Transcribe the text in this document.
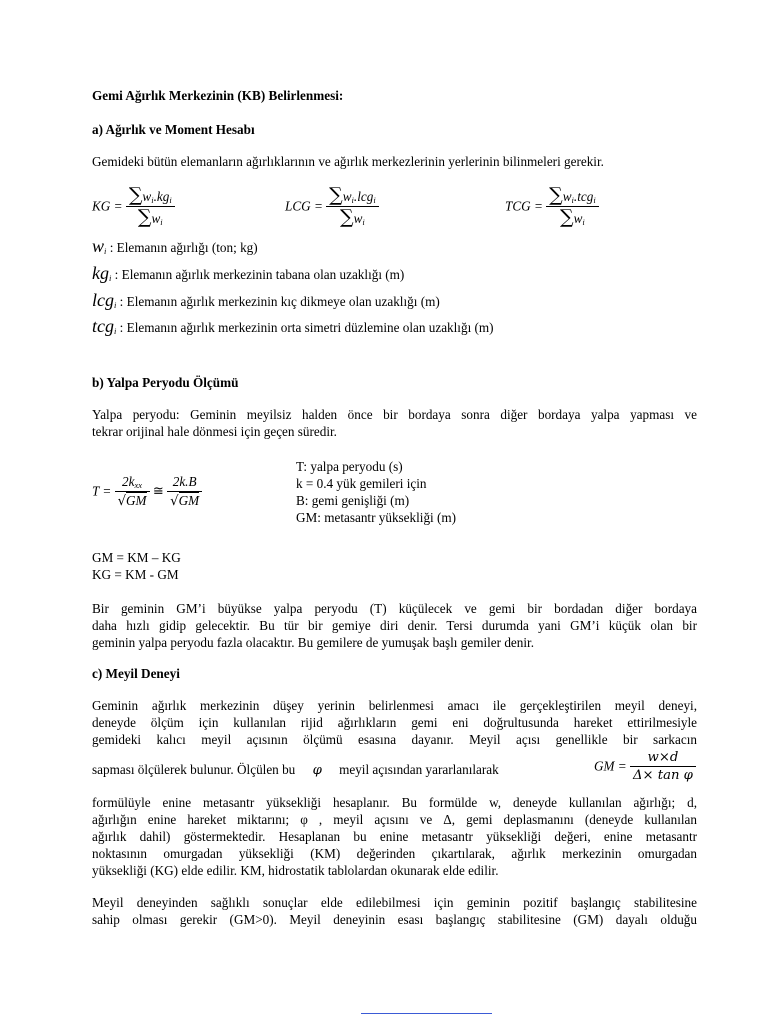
Gemi Ağırlık Merkezinin (KB) Belirlenmesi:
a) Ağırlık ve Moment Hesabı
Gemideki bütün elemanların ağırlıklarının ve ağırlık merkezlerinin yerlerinin bilinmeleri gerekir.
KG = $\frac{\sum w_i.kg_i}{\sum w_i}$	LCG = $\frac{\sum w_i.lcg_i}{\sum w_i}$	TCG = $\frac{\sum w_i.tcg_i}{\sum w_i}$
$w_i$ : Elemanın ağırlığı (ton; kg)
$kg_i$ : Elemanın ağırlık merkezinin tabana olan uzaklığı (m)
lcg$_i$ : Elemanın ağırlık merkezinin kıç dikmeye olan uzaklığı (m)
tcg$_i$ : Elemanın ağırlık merkezinin orta simetri düzlemine olan uzaklığı (m)
b) Yalpa Peryodu Ölçümü
Yalpa peryodu: Geminin meyilsiz halden önce bir bordaya sonra diğer bordaya yalpa yapması ve
tekrar orijinal hale dönmesi için geçen süredir.
$T = \frac{2k_{xx}}{√GM}$ ≅ $\frac{2k.B}{√GM}$
T: yalpa peryodu (s)
k = 0.4 yük gemileri için
B: gemi genişliği (m)
GM: metasantr yüksekliği (m)
GM = KM – KG
KG = KM - GM
Bir geminin GM’i büyükse yalpa peryodu (T) küçülecek ve gemi bir bordadan diğer bordaya
daha hızlı gidip gelecektir. Bu tür bir gemiye diri denir. Tersi durumda yani GM’i küçük olan bir
geminin yalpa peryodu fazla olacaktır. Bu gemilere de yumuşak başlı gemiler denir.
c) Meyil Deneyi
Geminin ağırlık merkezinin düşey yerinin belirlenmesi amacı ile gerçekleştirilen meyil deneyi,
deneyde ölçüm için kullanılan rijid ağırlıkların gemi eni doğrultusunda hareket ettirilmesiyle
gemideki kalıcı meyil açısının ölçümü esasına dayanır. Meyil açısı genellikle bir sarkacın
sapması ölçülerek bulunur. Ölçülen bu φ meyil açısından yararlanılarak	GM = $\frac{w\times d}{\text{Δ× tan φ}}$
formülüyle enine metasantr yüksekliği hesaplanır. Bu formülde w, deneyde kullanılan ağırlığı; d,
ağırlığın enine hareket miktarını; φ , meyil açısını ve Δ, gemi deplasmanını (deneyde kullanılan
ağırlık dahil) göstermektedir. Hesaplanan bu enine metasantr yüksekliği değeri, enine metasantr
noktasının omurgadan yüksekliği (KM) değerinden çıkartılarak, ağırlık merkezinin omurgadan
yüksekliği (KG) elde edilir. KM, hidrostatik tablolardan okunarak elde edilir.
Meyil deneyinden sağlıklı sonuçlar elde edilebilmesi için geminin pozitif başlangıç stabilitesine
sahip olması gerekir (GM>0). Meyil deneyinin esası başlangıç stabilitesine (GM) dayalı olduğu
